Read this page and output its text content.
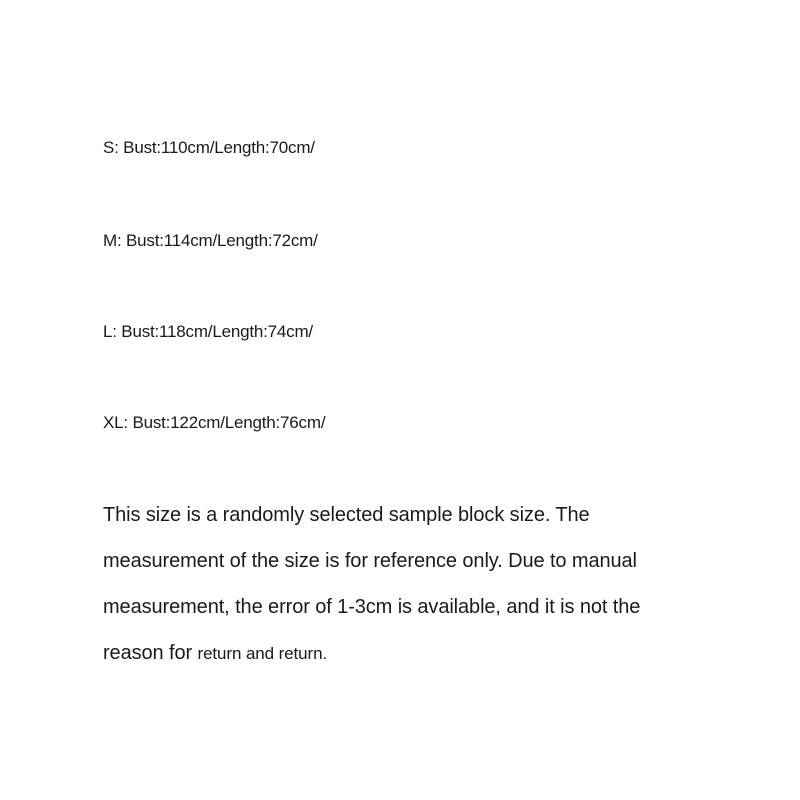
S: Bust:110cm/Length:70cm/
M: Bust:114cm/Length:72cm/
L: Bust:118cm/Length:74cm/
XL: Bust:122cm/Length:76cm/
This size is a randomly selected sample block size. The
measurement of the size is for reference only. Due to manual
measurement, the error of 1-3cm is available, and it is not the
reason for return and return.
